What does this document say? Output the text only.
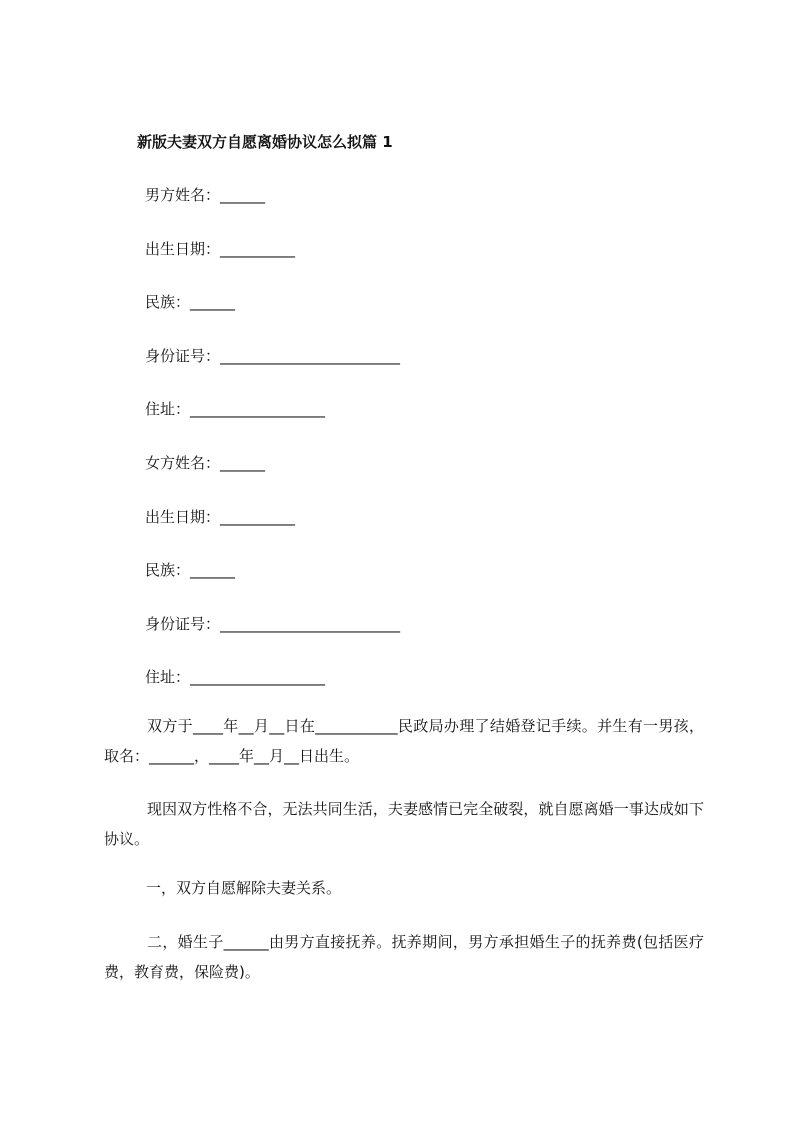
新版夫妻双方自愿离婚协议怎么拟篇 1
男方姓名：______
出生日期：__________
民族：______
身份证号：________________________
住址：__________________
女方姓名：______
出生日期：__________
民族：______
身份证号：________________________
住址：__________________
双方于____年__月__日在___________民政局办理了结婚登记手续。并生有一男孩，取名：______，____年__月__日出生。
现因双方性格不合，无法共同生活，夫妻感情已完全破裂，就自愿离婚一事达成如下协议。
一，双方自愿解除夫妻关系。
二，婚生子______由男方直接抚养。抚养期间，男方承担婚生子的抚养费(包括医疗费，教育费，保险费)。
